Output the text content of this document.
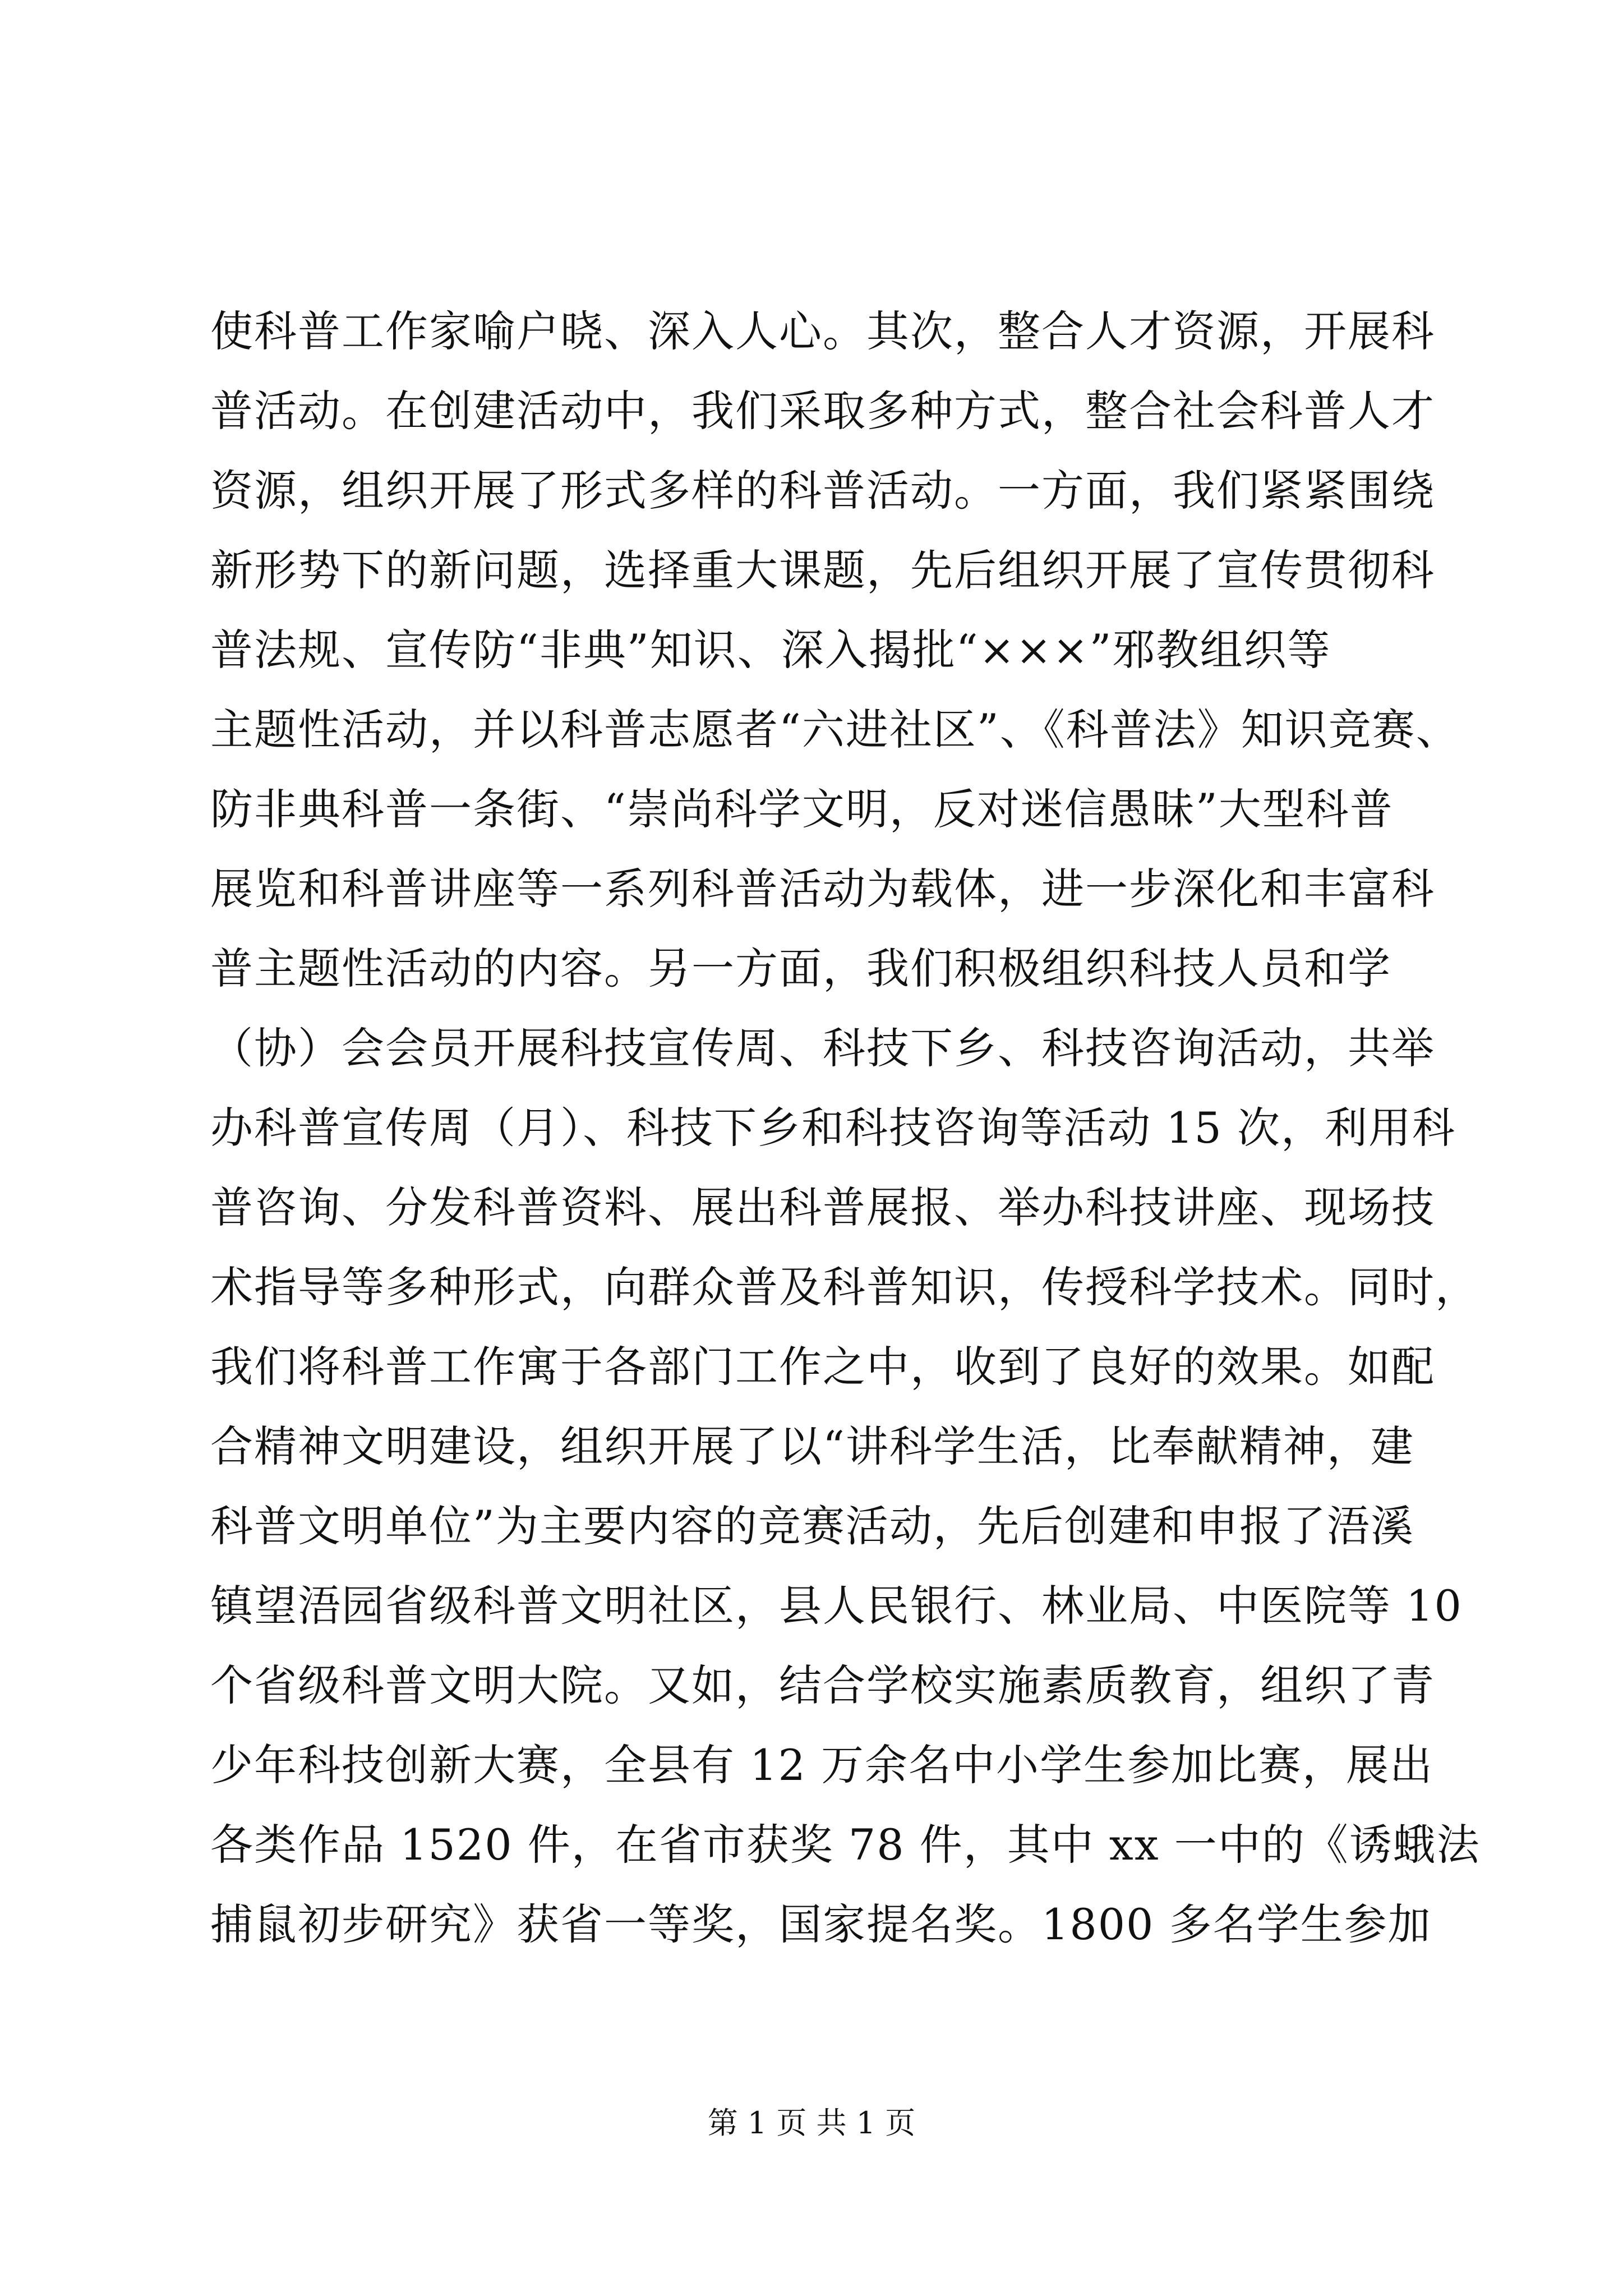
使科普工作家喻户晓、深入人心。其次，整合人才资源，开展科
普活动。在创建活动中，我们采取多种方式，整合社会科普人才
资源，组织开展了形式多样的科普活动。一方面，我们紧紧围绕
新形势下的新问题，选择重大课题，先后组织开展了宣传贯彻科
普法规、宣传防“非典”知识、深入揭批“×××”邪教组织等
主题性活动，并以科普志愿者“六进社区”、《科普法》知识竞赛、
防非典科普一条街、“崇尚科学文明，反对迷信愚昧”大型科普
展览和科普讲座等一系列科普活动为载体，进一步深化和丰富科
普主题性活动的内容。另一方面，我们积极组织科技人员和学
（协）会会员开展科技宣传周、科技下乡、科技咨询活动，共举
办科普宣传周（月）、科技下乡和科技咨询等活动 15 次，利用科
普咨询、分发科普资料、展出科普展报、举办科技讲座、现场技
术指导等多种形式，向群众普及科普知识，传授科学技术。同时，
我们将科普工作寓于各部门工作之中，收到了良好的效果。如配
合精神文明建设，组织开展了以“讲科学生活，比奉献精神，建
科普文明单位”为主要内容的竞赛活动，先后创建和申报了浯溪
镇望浯园省级科普文明社区，县人民银行、林业局、中医院等 10
个省级科普文明大院。又如，结合学校实施素质教育，组织了青
少年科技创新大赛，全县有 12 万余名中小学生参加比赛，展出
各类作品 1520 件，在省市获奖 78 件，其中 xx 一中的《诱蛾法
捕鼠初步研究》获省一等奖，国家提名奖。1800 多名学生参加
第 1 页 共 1 页
